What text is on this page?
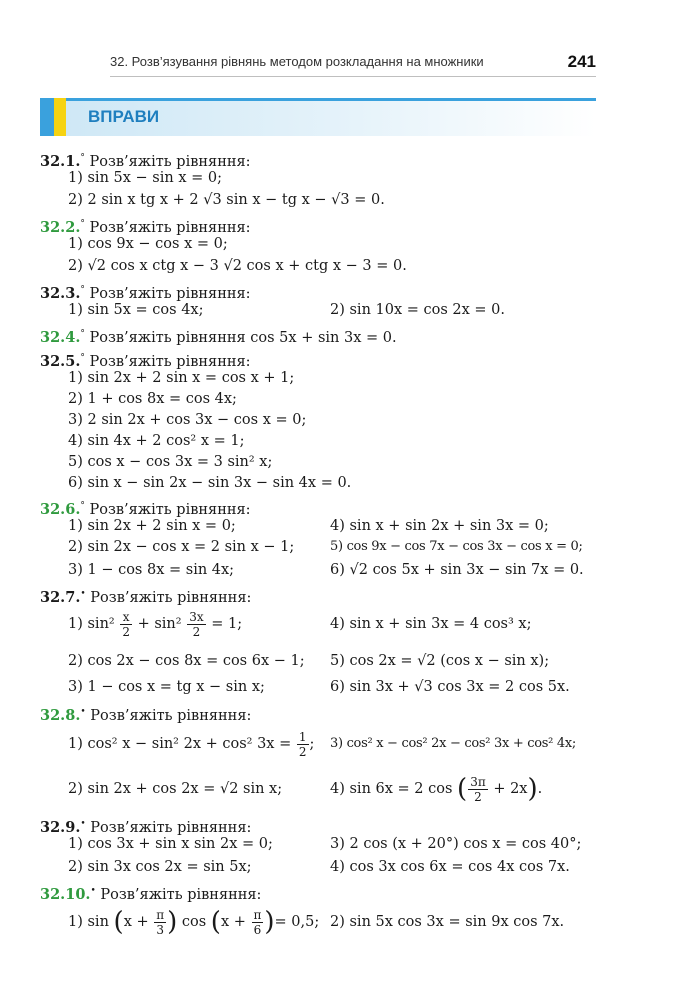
32. Розв’язування рівнянь методом розкладання на множники	241
ВПРАВИ
32.1.° Розв’яжіть рівняння:
1) sin 5x − sin x = 0;
2) 2 sin x tg x + 2 √3 sin x − tg x − √3 = 0.
32.2.° Розв’яжіть рівняння:
1) cos 9x − cos x = 0;
2) √2 cos x ctg x − 3 √2 cos x + ctg x − 3 = 0.
32.3.° Розв’яжіть рівняння:
1) sin 5x = cos 4x;	2) sin 10x = cos 2x = 0.
32.4.° Розв’яжіть рівняння cos 5x + sin 3x = 0.
32.5.° Розв’яжіть рівняння:
1) sin 2x + 2 sin x = cos x + 1;
2) 1 + cos 8x = cos 4x;
3) 2 sin 2x + cos 3x − cos x = 0;
4) sin 4x + 2 cos² x = 1;
5) cos x − cos 3x = 3 sin² x;
6) sin x − sin 2x − sin 3x − sin 4x = 0.
32.6.° Розв’яжіть рівняння:
1) sin 2x + 2 sin x = 0;	4) sin x + sin 2x + sin 3x = 0;
2) sin 2x − cos x = 2 sin x − 1;	5) cos 9x − cos 7x − cos 3x − cos x = 0;
3) 1 − cos 8x = sin 4x;	6) √2 cos 5x + sin 3x − sin 7x = 0.
32.7.• Розв’яжіть рівняння:
1) $\sin^2 \frac{x}{2} + \sin^2 \frac{3x}{2} = 1$;	4) sin x + sin 3x = 4 cos³ x;
2) cos 2x − cos 8x = cos 6x − 1; 5) cos 2x = √2 (cos x − sin x);
3) 1 − cos x = tg x − sin x;	6) sin 3x + √3 cos 3x = 2 cos 5x.
32.8.• Розв’яжіть рівняння:
1) cos² x − sin² 2x + cos² $3x = \frac{1}{2}$ ; 3) cos² x − cos² 2x − cos² 3x + cos² 4x;
2) sin 2x + cos 2x = √2 sin x;	4) sin 6x = 2 cos ( $\frac{3\pi}{2} + 2x$).
32.9.• Розв’яжіть рівняння:
1) cos 3x + sin x sin 2x = 0;	3) 2 cos (x + 20°) cos x = cos 40°;
2) sin 3x cos 2x = sin 5x;	4) cos 3x cos 6x = cos 4x cos 7x.
32.10.• Розв’яжіть рівняння:
1) $\sin (x + \frac{\pi}{3}$ ) $\cos (x + \frac{\pi}{6}$ )= 0,5; 2) sin 5x cos 3x = sin 9x cos 7x.
